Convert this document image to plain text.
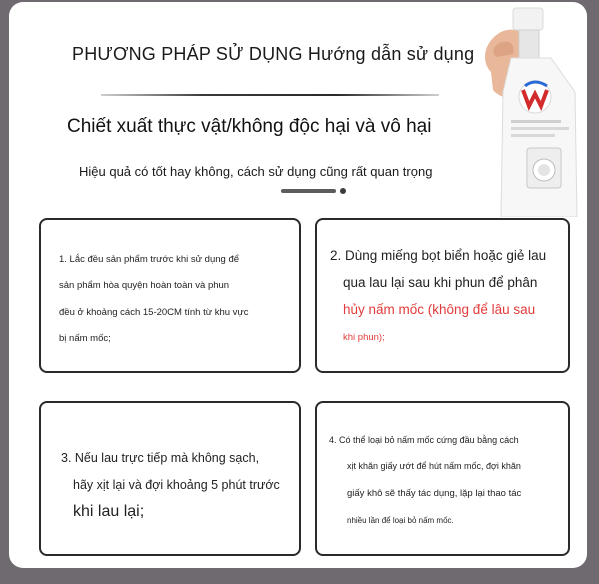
PHƯƠNG PHÁP SỬ DỤNG Hướng dẫn sử dụng
Chiết xuất thực vật/không độc hại và vô hại
Hiệu quả có tốt hay không, cách sử dụng cũng rất quan trọng

1. Lắc đều sản phẩm trước khi sử dụng để

sản phẩm hòa quyện hoàn toàn và phun

đều ở khoảng cách 15-20CM tính từ khu vực

bị nấm mốc;

2. Dùng miếng bọt biển hoặc giẻ lau

qua lau lại sau khi phun để phân

hủy nấm mốc (không để lâu sau

khi phun);

3. Nếu lau trực tiếp mà không sạch,

hãy xịt lại và đợi khoảng 5 phút trước

khi lau lại;

4. Có thể loại bỏ nấm mốc cứng đầu bằng cách

xịt khăn giấy ướt để hút nấm mốc, đợi khăn

giấy khô sẽ thấy tác dụng, lặp lại thao tác

nhiều lần để loại bỏ nấm mốc.
